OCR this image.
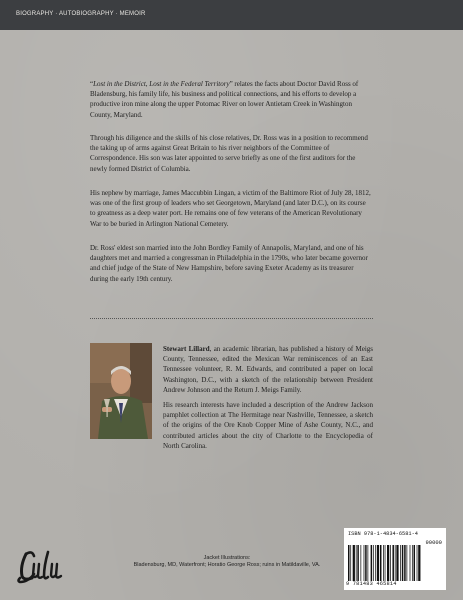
BIOGRAPHY · AUTOBIOGRAPHY · MEMOIR

“Lost in the District, Lost in the Federal Territory” relates the facts about Doctor David Ross of Bladensburg, his family life, his business and political connections, and his efforts to develop a productive iron mine along the upper Potomac River on lower Antietam Creek in Washington County, Maryland.

Through his diligence and the skills of his close relatives, Dr. Ross was in a position to recommend the taking up of arms against Great Britain to his river neighbors of the Committee of Correspondence. His son was later appointed to serve briefly as one of the first auditors for the newly formed District of Columbia.

His nephew by marriage, James Maccubbin Lingan, a victim of the Baltimore Riot of July 28, 1812, was one of the first group of leaders who set Georgetown, Maryland (and later D.C.), on its course to greatness as a deep water port. He remains one of few veterans of the American Revolutionary War to be buried in Arlington National Cemetery.

Dr. Ross' eldest son married into the John Bordley Family of Annapolis, Maryland, and one of his daughters met and married a congressman in Philadelphia in the 1790s, who later became governor and chief judge of the State of New Hampshire, before saving Exeter Academy as its treasurer during the early 19th century.

Stewart Lillard, an academic librarian, has published a history of Meigs County, Tennessee, edited the Mexican War reminiscences of an East Tennessee volunteer, R. M. Edwards, and contributed a paper on local Washington, D.C., with a sketch of the relationship between President Andrew Johnson and the Return J. Meigs Family.

His research interests have included a description of the Andrew Jackson pamphlet collection at The Hermitage near Nashville, Tennessee, a sketch of the origins of the Ore Knob Copper Mine of Ashe County, N.C., and contributed articles about the city of Charlotte to the Encyclopedia of North Carolina.

Jacket Illustrations:
Bladensburg, MD, Waterfront; Horatio George Ross; ruins in Matildaville, VA.
ISBN 978-1-4834-6581-4
90000
9 781483 465814
